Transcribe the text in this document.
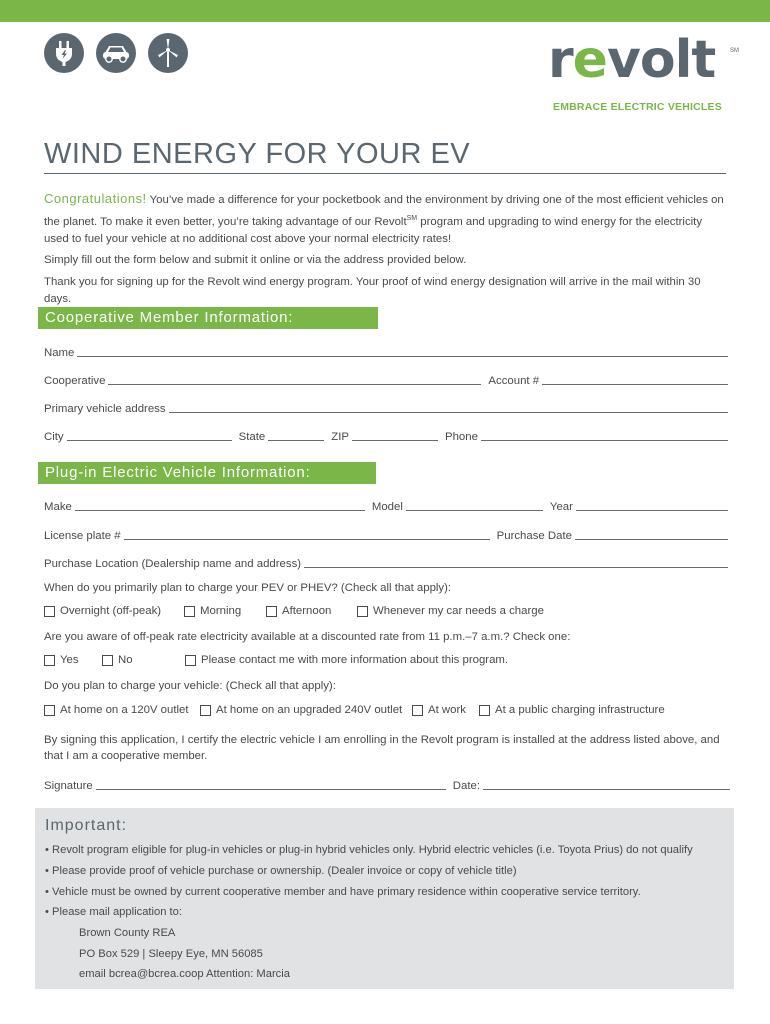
revolt SM
EMBRACE ELECTRIC VEHICLES
WIND ENERGY FOR YOUR EV

Congratulations! You’ve made a difference for your pocketbook and the environment by driving one of the most efficient vehicles on the planet. To make it even better, you’re taking advantage of our Revolt℠ program and upgrading to wind energy for the electricity used to fuel your vehicle at no additional cost above your normal electricity rates!

Simply fill out the form below and submit it online or via the address provided below.

Thank you for signing up for the Revolt wind energy program. Your proof of wind energy designation will arrive in the mail within 30 days.

Cooperative Member Information:
Name
Cooperative	Account #
Primary vehicle address
City	State	ZIP	Phone
Plug-in Electric Vehicle Information:
Make	Model	Year
License plate #	Purchase Date
Purchase Location (Dealership name and address)
When do you primarily plan to charge your PEV or PHEV? (Check all that apply):
Overnight (off-peak)	Morning	Afternoon	Whenever my car needs a charge
Are you aware of off-peak rate electricity available at a discounted rate from 11 p.m.–7 a.m.? Check one:
Yes	No	Please contact me with more information about this program.
Do you plan to charge your vehicle: (Check all that apply):
At home on a 120V outlet At home on an upgraded 240V outlet At work	At a public charging infrastructure
By signing this application, I certify the electric vehicle I am enrolling in the Revolt program is installed at the address listed above, and that I am a cooperative member.
Signature	Date:
Important:
• Revolt program eligible for plug-in vehicles or plug-in hybrid vehicles only. Hybrid electric vehicles (i.e. Toyota Prius) do not qualify
• Please provide proof of vehicle purchase or ownership. (Dealer invoice or copy of vehicle title)
• Vehicle must be owned by current cooperative member and have primary residence within cooperative service territory.
• Please mail application to:
Brown County REA
PO Box 529 | Sleepy Eye, MN 56085
email bcrea@bcrea.coop Attention: Marcia
